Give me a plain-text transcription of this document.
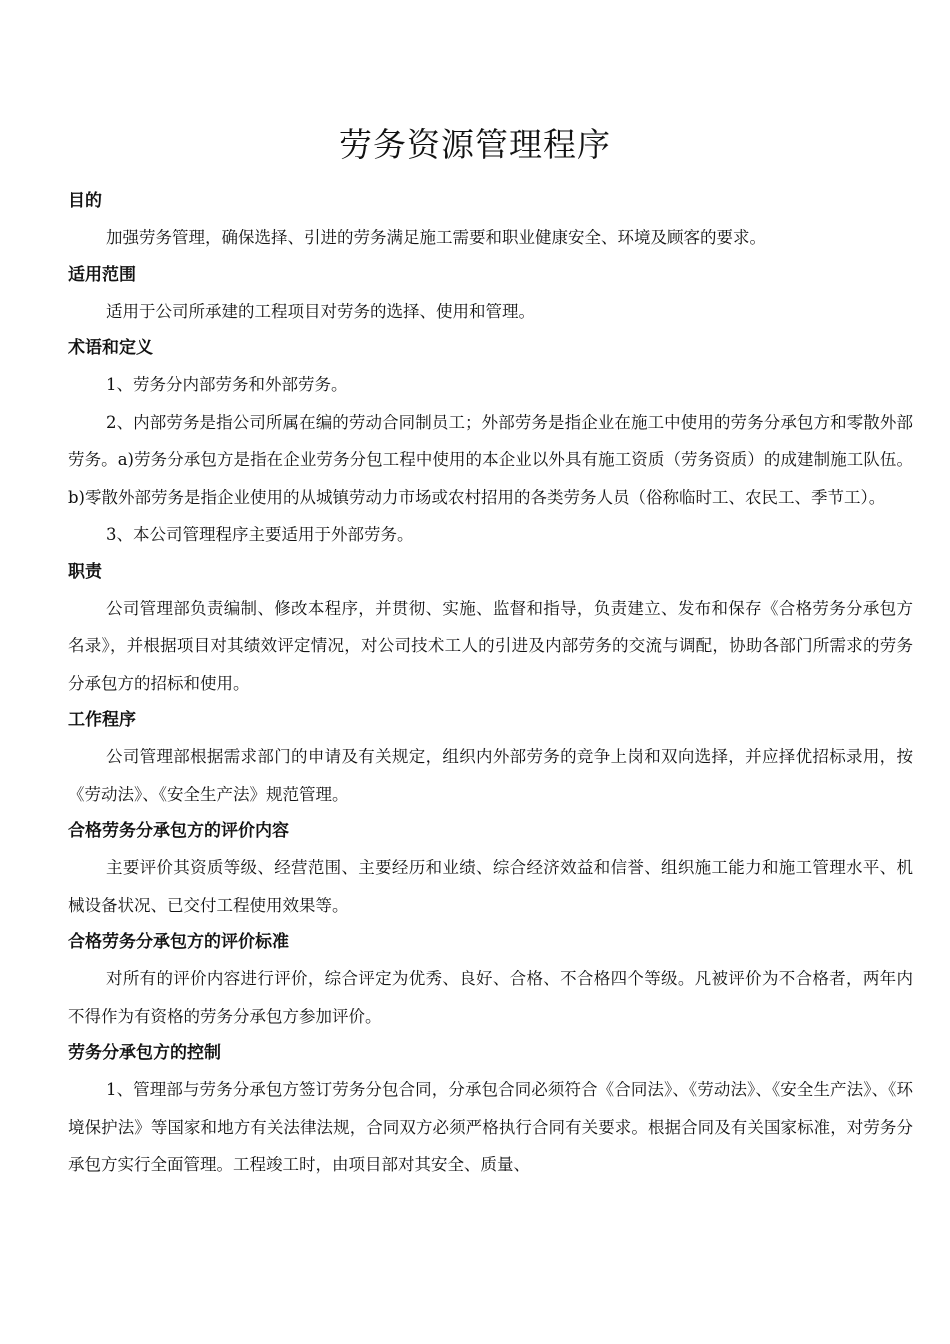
劳务资源管理程序
目的

加强劳务管理，确保选择、引进的劳务满足施工需要和职业健康安全、环境及顾客的要求。

适用范围

适用于公司所承建的工程项目对劳务的选择、使用和管理。

术语和定义

1、劳务分内部劳务和外部劳务。

2、内部劳务是指公司所属在编的劳动合同制员工；外部劳务是指企业在施工中使用的劳务分承包方和零散外部劳务。a)劳务分承包方是指在企业劳务分包工程中使用的本企业以外具有施工资质（劳务资质）的成建制施工队伍。b)零散外部劳务是指企业使用的从城镇劳动力市场或农村招用的各类劳务人员（俗称临时工、农民工、季节工）。

3、本公司管理程序主要适用于外部劳务。

职责

公司管理部负责编制、修改本程序，并贯彻、实施、监督和指导，负责建立、发布和保存《合格劳务分承包方名录》，并根据项目对其绩效评定情况，对公司技术工人的引进及内部劳务的交流与调配，协助各部门所需求的劳务分承包方的招标和使用。

工作程序

公司管理部根据需求部门的申请及有关规定，组织内外部劳务的竞争上岗和双向选择，并应择优招标录用，按《劳动法》、《安全生产法》规范管理。

合格劳务分承包方的评价内容

主要评价其资质等级、经营范围、主要经历和业绩、综合经济效益和信誉、组织施工能力和施工管理水平、机械设备状况、已交付工程使用效果等。

合格劳务分承包方的评价标准

对所有的评价内容进行评价，综合评定为优秀、良好、合格、不合格四个等级。凡被评价为不合格者，两年内不得作为有资格的劳务分承包方参加评价。

劳务分承包方的控制

1、管理部与劳务分承包方签订劳务分包合同，分承包合同必须符合《合同法》、《劳动法》、《安全生产法》、《环境保护法》等国家和地方有关法律法规，合同双方必须严格执行合同有关要求。根据合同及有关国家标准，对劳务分承包方实行全面管理。工程竣工时，由项目部对其安全、质量、
